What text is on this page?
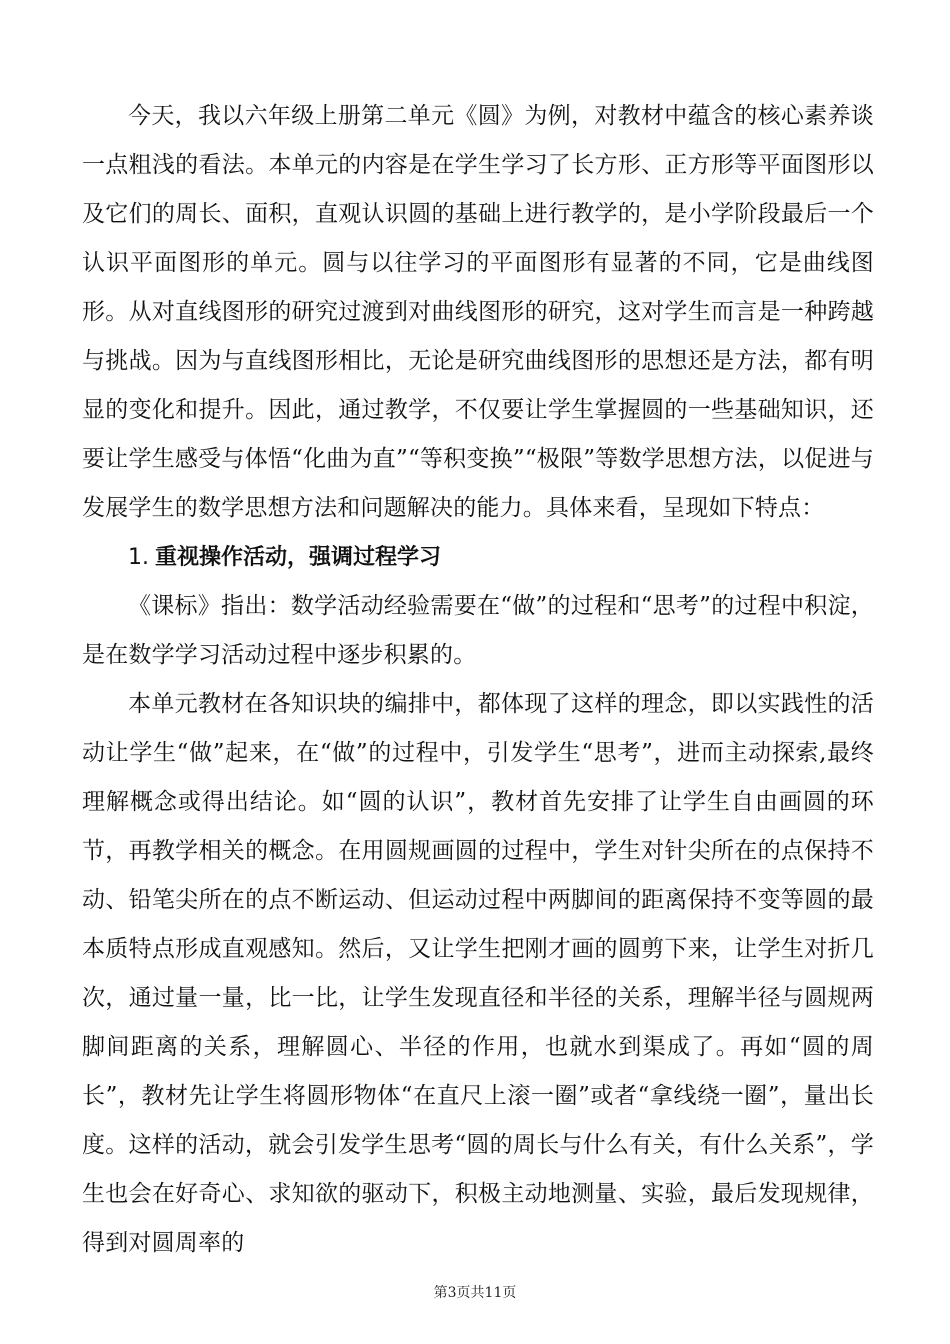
今天，我以六年级上册第二单元《圆》为例，对教材中蕴含的核心素养谈一点粗浅的看法。本单元的内容是在学生学习了长方形、正方形等平面图形以及它们的周长、面积，直观认识圆的基础上进行教学的，是小学阶段最后一个认识平面图形的单元。圆与以往学习的平面图形有显著的不同，它是曲线图形。从对直线图形的研究过渡到对曲线图形的研究，这对学生而言是一种跨越与挑战。因为与直线图形相比，无论是研究曲线图形的思想还是方法，都有明显的变化和提升。因此，通过教学，不仅要让学生掌握圆的一些基础知识，还要让学生感受与体悟“化曲为直”“等积变换”“极限”等数学思想方法，以促进与发展学生的数学思想方法和问题解决的能力。具体来看，呈现如下特点：

1. 重视操作活动，强调过程学习

《课标》指出：数学活动经验需要在“做”的过程和“思考”的过程中积淀，是在数学学习活动过程中逐步积累的。

本单元教材在各知识块的编排中，都体现了这样的理念，即以实践性的活动让学生“做”起来，在“做”的过程中，引发学生“思考”，进而主动探索,最终理解概念或得出结论。如“圆的认识”，教材首先安排了让学生自由画圆的环节，再教学相关的概念。在用圆规画圆的过程中，学生对针尖所在的点保持不动、铅笔尖所在的点不断运动、但运动过程中两脚间的距离保持不变等圆的最本质特点形成直观感知。然后，又让学生把刚才画的圆剪下来，让学生对折几次，通过量一量，比一比，让学生发现直径和半径的关系，理解半径与圆规两脚间距离的关系，理解圆心、半径的作用，也就水到渠成了。再如“圆的周长”，教材先让学生将圆形物体“在直尺上滚一圈”或者“拿线绕一圈”，量出长度。这样的活动，就会引发学生思考“圆的周长与什么有关，有什么关系”，学生也会在好奇心、求知欲的驱动下，积极主动地测量、实验，最后发现规律，得到对圆周率的

第3页共11页
